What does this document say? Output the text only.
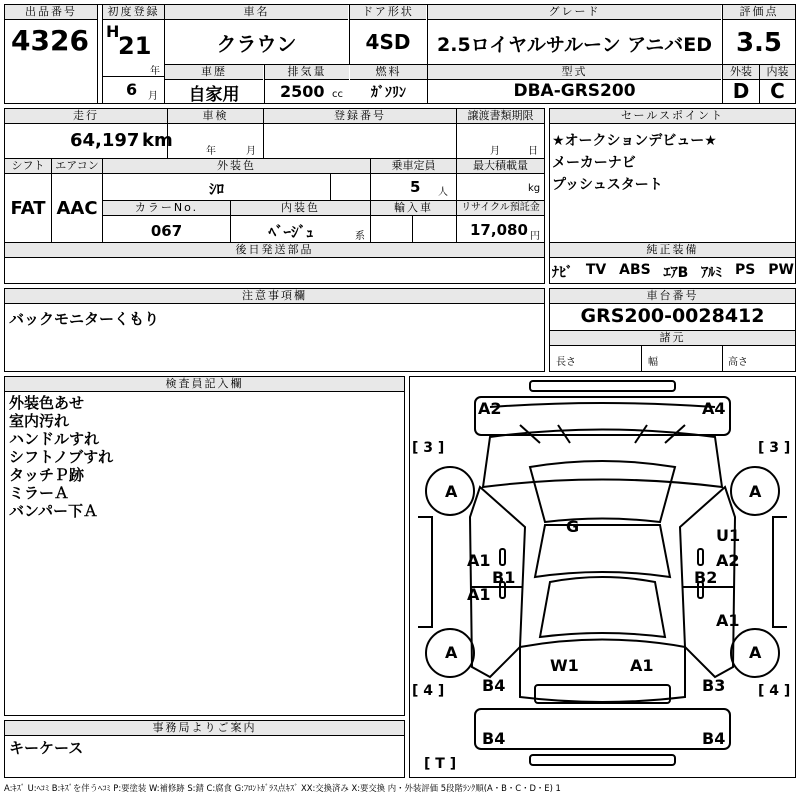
出品番号
4326
初度登録
H
21
年
6 月
車名
クラウン
ドア形状
4SD
グレード
2.5ロイヤルサルーン アニバED
評価点
3.5
車歴
自家用
排気量
2500 cc
燃料
ｶﾞｿﾘﾝ
型式
DBA-GRS200
外装	内装
D	C
走行
64,197 km
車検
年	月
登録番号	譲渡書類期限
月	日
シフト エアコン
FAT AAC
外装色
ｼﾛ
乗車定員
5 人
最大積載量
kg
カラーNo.
067
内装色
ﾍﾞｰｼﾞｭ	系
輸入車	リサイクル預託金
17,080 円
後日発送部品
セールスポイント
★オークションデビュー★
メーカーナビ
プッシュスタート
純正装備
ﾅﾋﾞ TV ABS ｴｱB ｱﾙﾐ PS PW
注意事項欄
バックモニターくもり
車台番号
GRS200-0028412
諸元
長さ	幅	高さ
検査員記入欄
外装色あせ
室内汚れ
ハンドルすれ
シフトノブすれ
タッチＰ跡
ミラーＡ
バンパー下Ａ
事務局よりご案内
キーケース
[ 3 ]	[ 3 ]
[ 4 ]	[ 4 ]
[ T ]
A2	A4
A	A
A	A
G	U1
A1	A2
B1	B2
A1
A1
W1	A1
B4	B3
B4	B4
A:ｷｽﾞ U:ﾍｺﾐ B:ｷｽﾞを伴うﾍｺﾐ P:要塗装 W:補修跡 S:錆 C:腐食 G:ﾌﾛﾝﾄｶﾞﾗｽ点ｷｽﾞ XX:交換済み X:要交換 内・外装評価 5段階ﾗﾝｸ順(A・B・C・D・E) 1
